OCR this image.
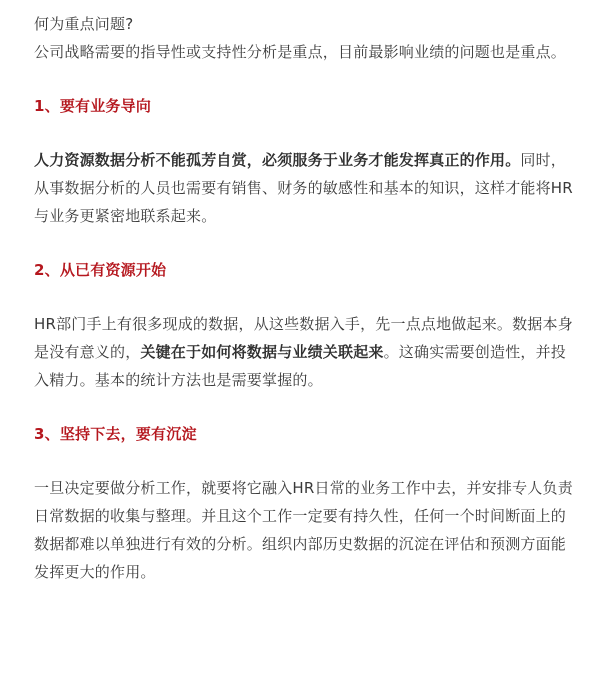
何为重点问题?

公司战略需要的指导性或支持性分析是重点，目前最影响业绩的问题也是重点。

1、要有业务导向

人力资源数据分析不能孤芳自赏，必须服务于业务才能发挥真正的作用。同时，从事数据分析的人员也需要有销售、财务的敏感性和基本的知识，这样才能将HR与业务更紧密地联系起来。

2、从已有资源开始

HR部门手上有很多现成的数据，从这些数据入手，先一点点地做起来。数据本身是没有意义的，关键在于如何将数据与业绩关联起来。这确实需要创造性，并投入精力。基本的统计方法也是需要掌握的。

3、坚持下去，要有沉淀

一旦决定要做分析工作，就要将它融入HR日常的业务工作中去，并安排专人负责日常数据的收集与整理。并且这个工作一定要有持久性，任何一个时间断面上的数据都难以单独进行有效的分析。组织内部历史数据的沉淀在评估和预测方面能发挥更大的作用。
